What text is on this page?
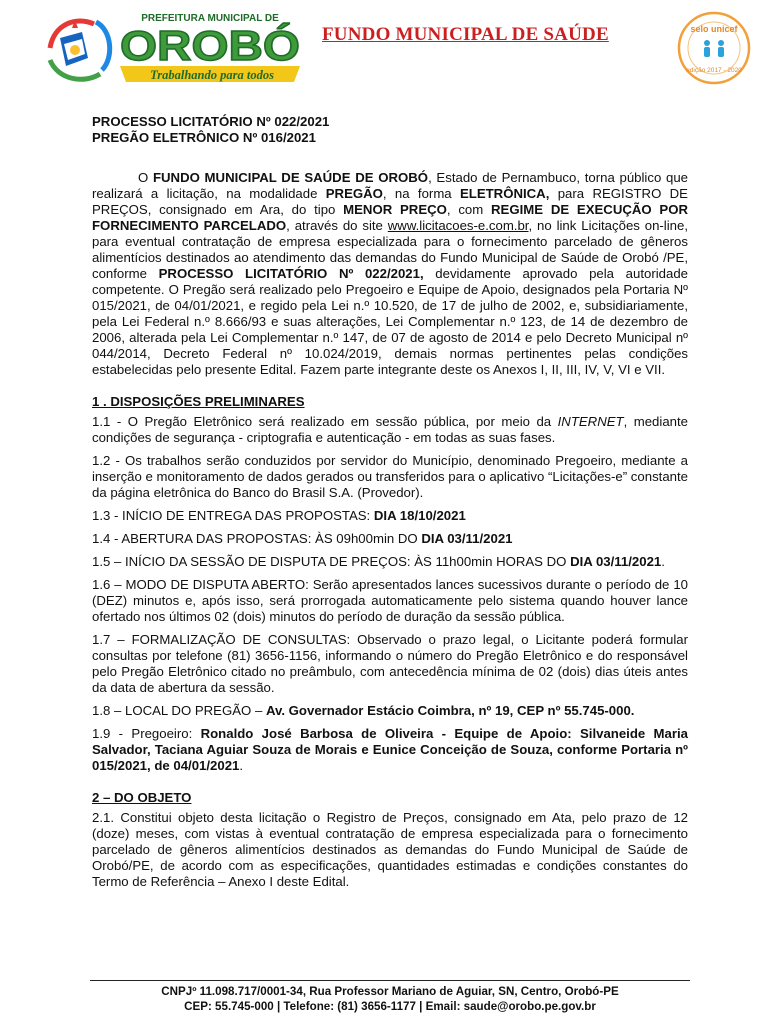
PREFEITURA MUNICIPAL DE
OROBÓ
Trabalhando para todos
FUNDO MUNICIPAL DE SAÚDE	selo unicef
edição 2017 - 2020

PROCESSO LICITATÓRIO Nº 022/2021

PREGÃO ELETRÔNICO Nº 016/2021

O FUNDO MUNICIPAL DE SAÚDE DE OROBÓ, Estado de Pernambuco, torna público que realizará a licitação, na modalidade PREGÃO, na forma ELETRÔNICA, para REGISTRO DE PREÇOS, consignado em Ara, do tipo MENOR PREÇO, com REGIME DE EXECUÇÃO POR FORNECIMENTO PARCELADO, através do site www.licitacoes-e.com.br, no link Licitações on-line, para eventual contratação de empresa especializada para o fornecimento parcelado de gêneros alimentícios destinados ao atendimento das demandas do Fundo Municipal de Saúde de Orobó /PE, conforme PROCESSO LICITATÓRIO Nº 022/2021, devidamente aprovado pela autoridade competente. O Pregão será realizado pelo Pregoeiro e Equipe de Apoio, designados pela Portaria Nº 015/2021, de 04/01/2021, e regido pela Lei n.º 10.520, de 17 de julho de 2002, e, subsidiariamente, pela Lei Federal n.º 8.666/93 e suas alterações, Lei Complementar n.º 123, de 14 de dezembro de 2006, alterada pela Lei Complementar n.º 147, de 07 de agosto de 2014 e pelo Decreto Municipal nº 044/2014, Decreto Federal nº 10.024/2019, demais normas pertinentes pelas condições estabelecidas pelo presente Edital. Fazem parte integrante deste os Anexos I, II, III, IV, V, VI e VII.

1 . DISPOSIÇÕES PRELIMINARES

1.1 - O Pregão Eletrônico será realizado em sessão pública, por meio da INTERNET, mediante condições de segurança - criptografia e autenticação - em todas as suas fases.

1.2 - Os trabalhos serão conduzidos por servidor do Município, denominado Pregoeiro, mediante a inserção e monitoramento de dados gerados ou transferidos para o aplicativo “Licitações-e” constante da página eletrônica do Banco do Brasil S.A. (Provedor).

1.3 - INÍCIO DE ENTREGA DAS PROPOSTAS: DIA 18/10/2021

1.4 - ABERTURA DAS PROPOSTAS: ÀS 09h00min DO DIA 03/11/2021

1.5 – INÍCIO DA SESSÃO DE DISPUTA DE PREÇOS: ÀS 11h00min HORAS DO DIA 03/11/2021.

1.6 – MODO DE DISPUTA ABERTO: Serão apresentados lances sucessivos durante o período de 10 (DEZ) minutos e, após isso, será prorrogada automaticamente pelo sistema quando houver lance ofertado nos últimos 02 (dois) minutos do período de duração da sessão pública.

1.7 – FORMALIZAÇÃO DE CONSULTAS: Observado o prazo legal, o Licitante poderá formular consultas por telefone (81) 3656-1156, informando o número do Pregão Eletrônico e do responsável pelo Pregão Eletrônico citado no preâmbulo, com antecedência mínima de 02 (dois) dias úteis antes da data de abertura da sessão.

1.8 – LOCAL DO PREGÃO – Av. Governador Estácio Coimbra, nº 19, CEP nº 55.745-000.

1.9 - Pregoeiro: Ronaldo José Barbosa de Oliveira - Equipe de Apoio: Silvaneide Maria Salvador, Taciana Aguiar Souza de Morais e Eunice Conceição de Souza, conforme Portaria nº 015/2021, de 04/01/2021.

2 – DO OBJETO

2.1. Constitui objeto desta licitação o Registro de Preços, consignado em Ata, pelo prazo de 12 (doze) meses, com vistas à eventual contratação de empresa especializada para o fornecimento parcelado de gêneros alimentícios destinados as demandas do Fundo Municipal de Saúde de Orobó/PE, de acordo com as especificações, quantidades estimadas e condições constantes do Termo de Referência – Anexo I deste Edital.

CNPJº 11.098.717/0001-34, Rua Professor Mariano de Aguiar, SN, Centro, Orobó-PE
CEP: 55.745-000 | Telefone: (81) 3656-1177 | Email: saude@orobo.pe.gov.br
